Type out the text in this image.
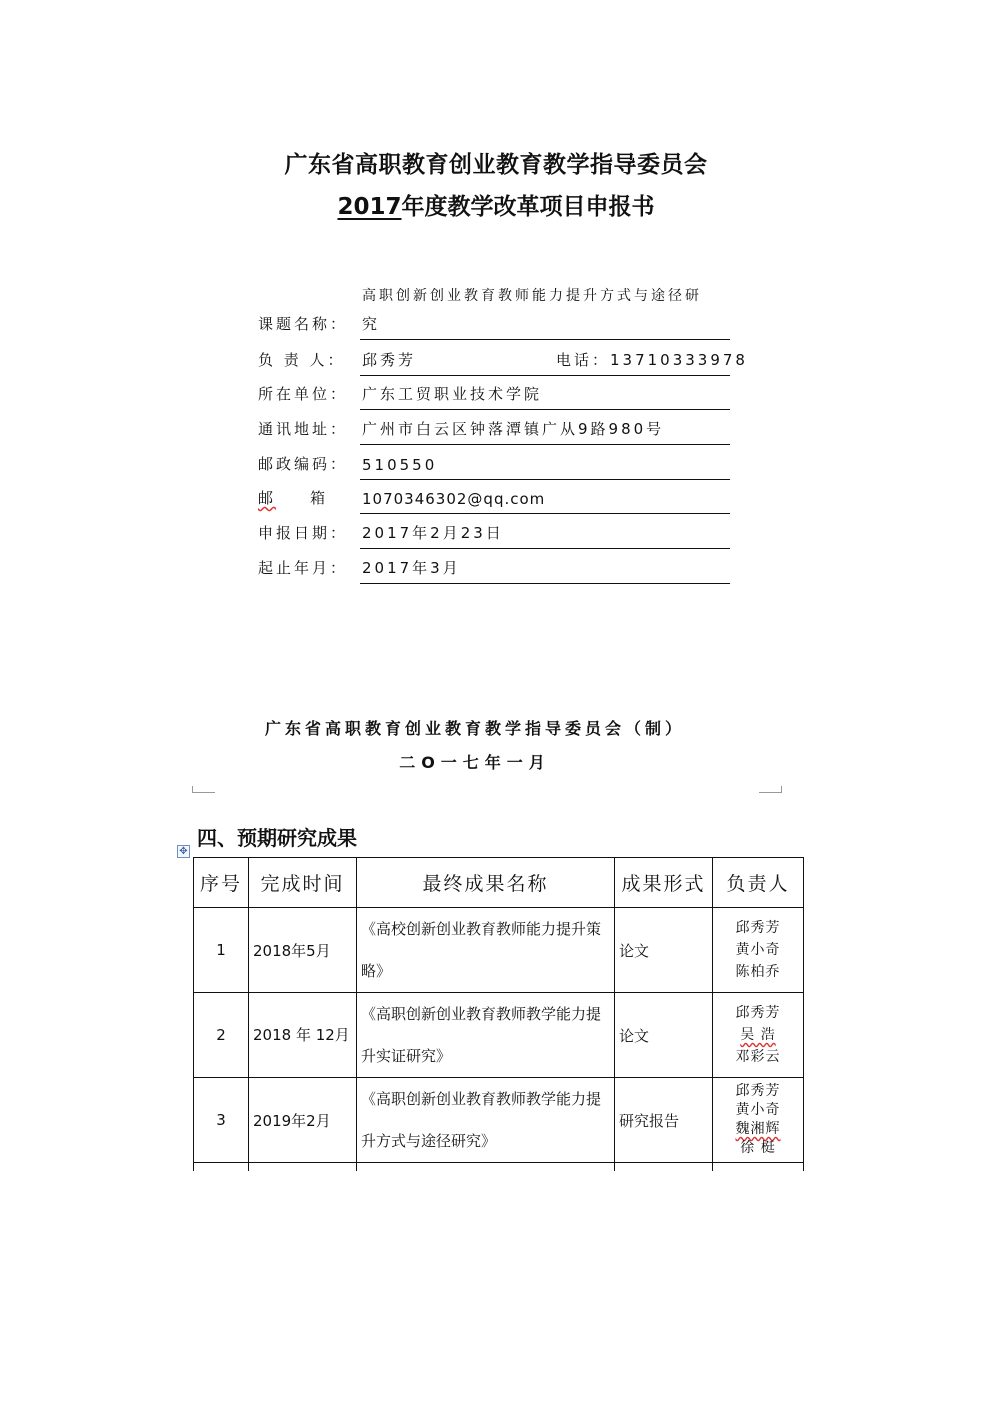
广东省高职教育创业教育教学指导委员会
2017年度教学改革项目申报书
高职创新创业教育教师能力提升方式与途径研
课题名称： 究
负 责 人： 邱秀芳	电话：13710333978
所在单位： 广东工贸职业技术学院
通讯地址： 广州市白云区钟落潭镇广从9路980号
邮政编码： 510550
邮 箱 1070346302@qq.com
申报日期： 2017年2月23日
起止年月： 2017年3月
广东省高职教育创业教育教学指导委员会（制）
二O一七年一月
四、预期研究成果
✥
序号	完成时间	最终成果名称	成果形式	负责人
1	2018年5月	《高校创新创业教育教师能力提升策略》	论文	邱秀芳
黄小奇
陈柏乔

2	2018 年 12月	《高职创新创业教育教师教学能力提升实证研究》	论文	邱秀芳
吴 浩
邓彩云

3	2019年2月	《高职创新创业教育教师教学能力提升方式与途径研究》	研究报告	邱秀芳
黄小奇
魏湘辉
徐 梃
